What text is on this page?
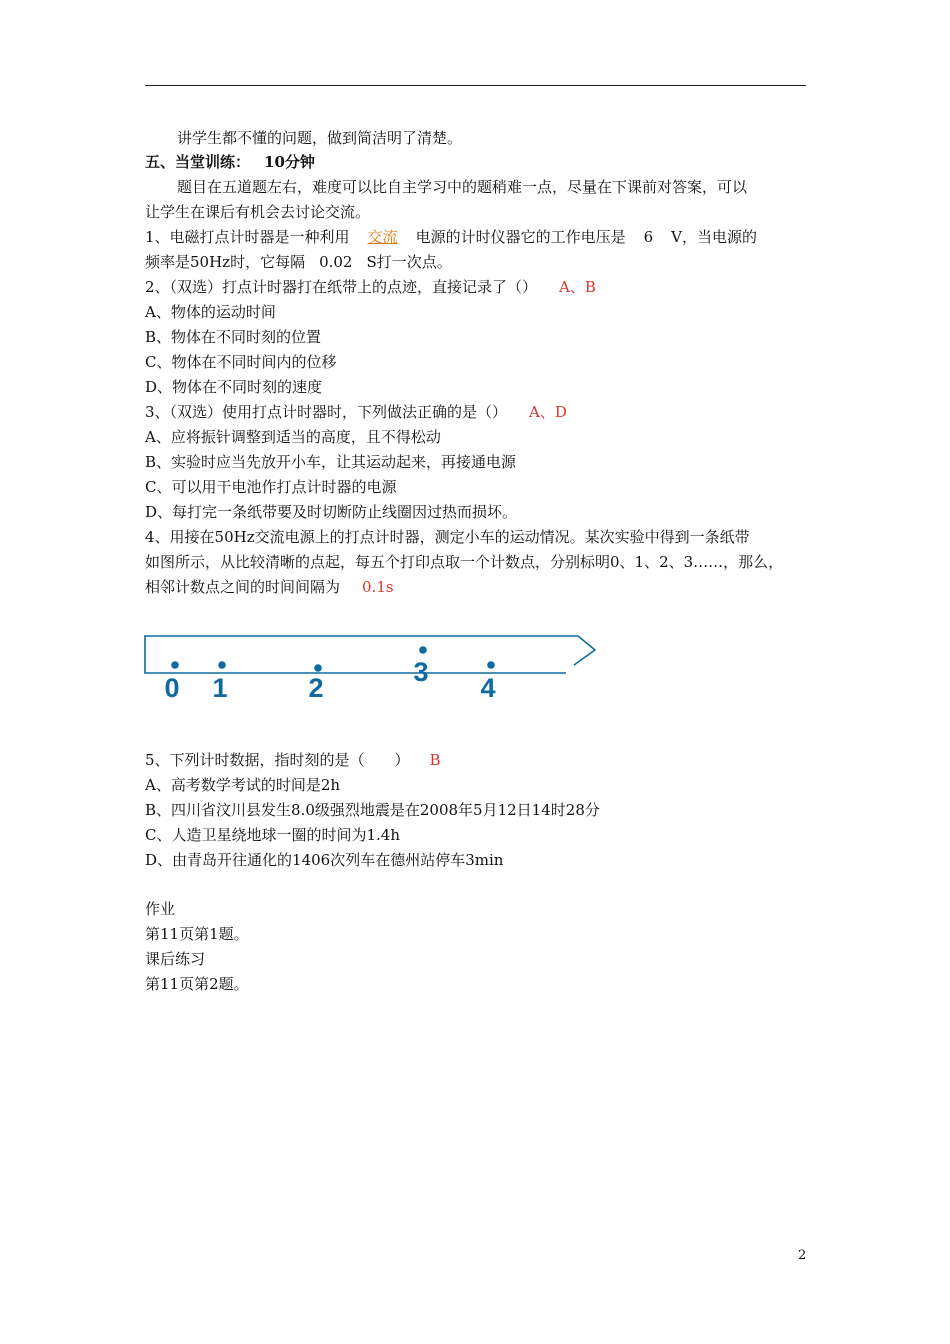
讲学生都不懂的问题，做到简洁明了清楚。
五、当堂训练： 10分钟
题目在五道题左右，难度可以比自主学习中的题稍难一点，尽量在下课前对答案，可以
让学生在课后有机会去讨论交流。
1、电磁打点计时器是一种利用 交流 电源的计时仪器它的工作电压是 6 V，当电源的
频率是50Hz时，它每隔 0.02 S打一次点。
2、（双选）打点计时器打在纸带上的点迹，直接记录了（） A、B
A、物体的运动时间
B、物体在不同时刻的位置
C、物体在不同时间内的位移
D、物体在不同时刻的速度
3、（双选）使用打点计时器时，下列做法正确的是（） A、D
A、应将振针调整到适当的高度，且不得松动
B、实验时应当先放开小车，让其运动起来，再接通电源
C、可以用干电池作打点计时器的电源
D、每打完一条纸带要及时切断防止线圈因过热而损坏。
4、用接在50Hz交流电源上的打点计时器，测定小车的运动情况。某次实验中得到一条纸带
如图所示，从比较清晰的点起，每五个打印点取一个计数点，分别标明0、1、2、3……，那么，
相邻计数点之间的时间间隔为 0.1s
0 1	2
3
4
5、下列计时数据，指时刻的是（　　） B
A、高考数学考试的时间是2h
B、四川省汶川县发生8.0级强烈地震是在2008年5月12日14时28分
C、人造卫星绕地球一圈的时间为1.4h
D、由青岛开往通化的1406次列车在德州站停车3min
作业
第11页第1题。
课后练习
第11页第2题。
2
